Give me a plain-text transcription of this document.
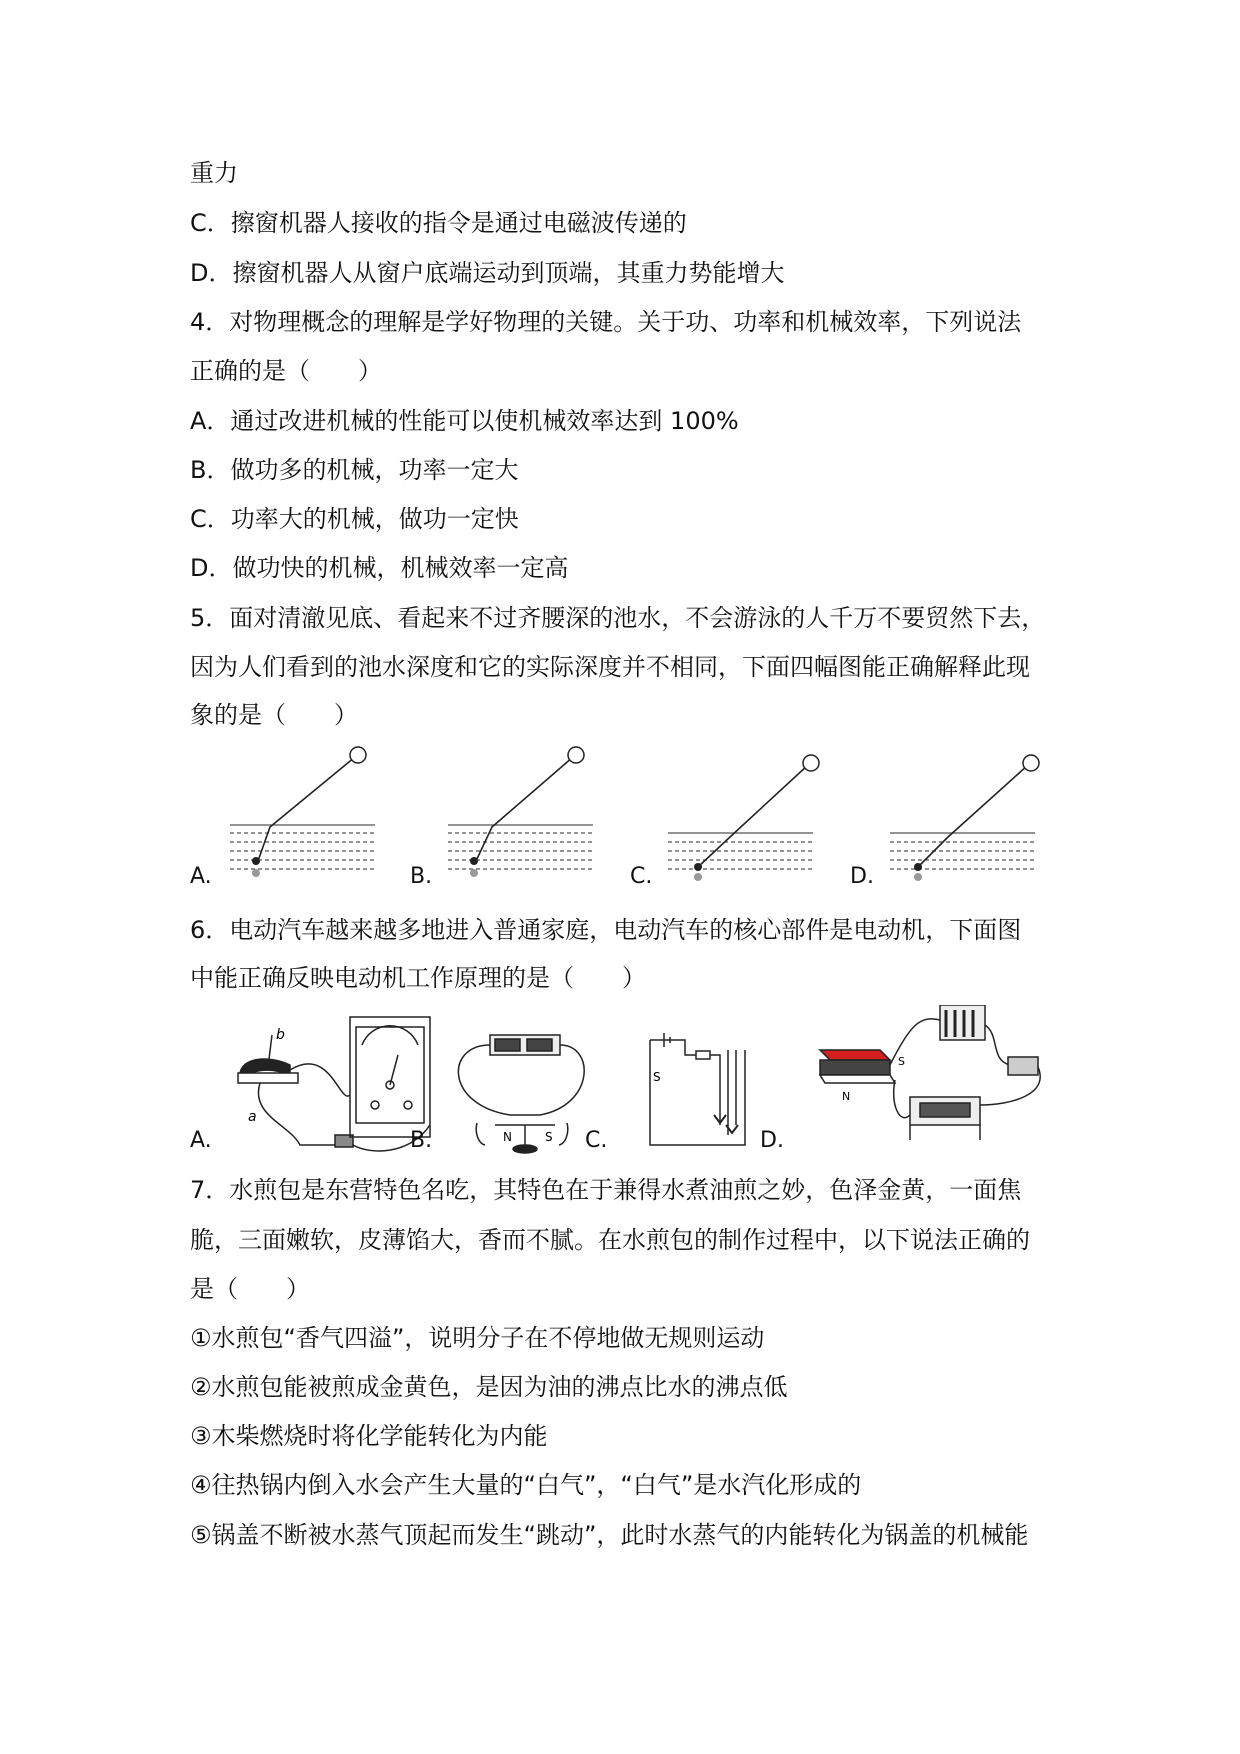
重力
C．擦窗机器人接收的指令是通过电磁波传递的
D．擦窗机器人从窗户底端运动到顶端，其重力势能增大
4．对物理概念的理解是学好物理的关键。关于功、功率和机械效率，下列说法
正确的是（　　）
A．通过改进机械的性能可以使机械效率达到 100%
B．做功多的机械，功率一定大
C．功率大的机械，做功一定快
D．做功快的机械，机械效率一定高
5．面对清澈见底、看起来不过齐腰深的池水，不会游泳的人千万不要贸然下去，
因为人们看到的池水深度和它的实际深度并不相同，下面四幅图能正确解释此现
象的是（　　）
A.	B.	C.	D.
6．电动汽车越来越多地进入普通家庭，电动汽车的核心部件是电动机，下面图
中能正确反映电动机工作原理的是（　　）
b
a
N	S
S
S
N
A.	B.	C.	D.
7．水煎包是东营特色名吃，其特色在于兼得水煮油煎之妙，色泽金黄，一面焦
脆，三面嫩软，皮薄馅大，香而不腻。在水煎包的制作过程中，以下说法正确的
是（　　）
①水煎包“香气四溢”，说明分子在不停地做无规则运动
②水煎包能被煎成金黄色，是因为油的沸点比水的沸点低
③木柴燃烧时将化学能转化为内能
④往热锅内倒入水会产生大量的“白气”，“白气”是水汽化形成的
⑤锅盖不断被水蒸气顶起而发生“跳动”，此时水蒸气的内能转化为锅盖的机械能
